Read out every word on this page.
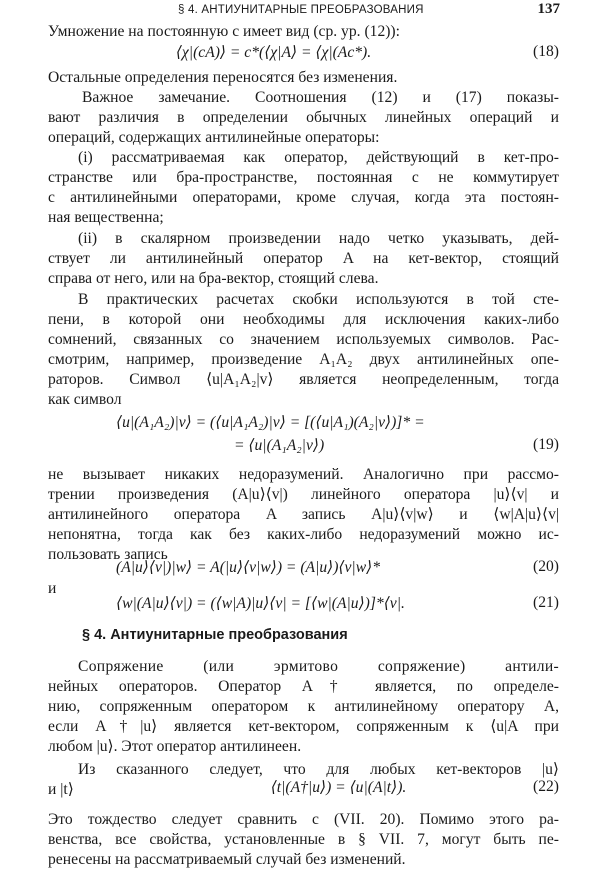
§ 4. АНТИУНИТАРНЫЕ ПРЕОБРАЗОВАНИЯ	137

Умножение на постоянную c имеет вид (ср. ур. (12)):

⟨χ|(cA)⟩ = c*(⟨χ|A⟩ = ⟨χ|(Ac*).	(18)

Остальные определения переносятся без изменения.

Важное замечание. Соотношения (12) и (17) показы-

вают различия в определении обычных линейных операций и

операций, содержащих антилинейные операторы:

(i) рассматриваемая как оператор, действующий в кет-про-

странстве или бра-пространстве, постоянная c не коммутирует

с антилинейными операторами, кроме случая, когда эта постоян-

ная вещественна;

(ii) в скалярном произведении надо четко указывать, дей-

ствует ли антилинейный оператор A на кет-вектор, стоящий

справа от него, или на бра-вектор, стоящий слева.

В практических расчетах скобки используются в той сте-

пени, в которой они необходимы для исключения каких-либо

сомнений, связанных со значением используемых символов. Рас-

смотрим, например, произведение A₁A₂ двух антилинейных опе-

раторов. Символ ⟨u|A₁A₂|v⟩ является неопределенным, тогда

как символ

⟨u|(A₁A₂)|v⟩ = (⟨u|A₁A₂)|v⟩ = [(⟨u|A₁)(A₂|v⟩)]* =
= ⟨u|(A₁A₂|v⟩)	(19)

не вызывает никаких недоразумений. Аналогично при рассмо-

трении произведения (A|u⟩⟨v|) линейного оператора |u⟩⟨v| и

антилинейного оператора A запись A|u⟩⟨v|w⟩ и ⟨w|A|u⟩⟨v|

непонятна, тогда как без каких-либо недоразумений можно ис-

пользовать запись

(A|u⟩⟨v|)|w⟩ = A(|u⟩⟨v|w⟩) = (A|u⟩)⟨v|w⟩*	(20)
и
⟨w|(A|u⟩⟨v|) = (⟨w|A)|u⟩⟨v| = [⟨w|(A|u⟩)]*⟨v|.	(21)
§ 4. Антиунитарные преобразования

Сопряжение (или эрмитово сопряжение) антили-

нейных операторов. Оператор A† является, по определе-

нию, сопряженным оператором к антилинейному оператору A,

если A†|u⟩ является кет-вектором, сопряженным к ⟨u|A при

любом |u⟩. Этот оператор антилинеен.

Из сказанного следует, что для любых кет-векторов |u⟩

и |t⟩	⟨t|(A†|u⟩) = ⟨u|(A|t⟩).	(22)

Это тождество следует сравнить с (VII. 20). Помимо этого ра-

венства, все свойства, установленные в § VII. 7, могут быть пе-

ренесены на рассматриваемый случай без изменений.
